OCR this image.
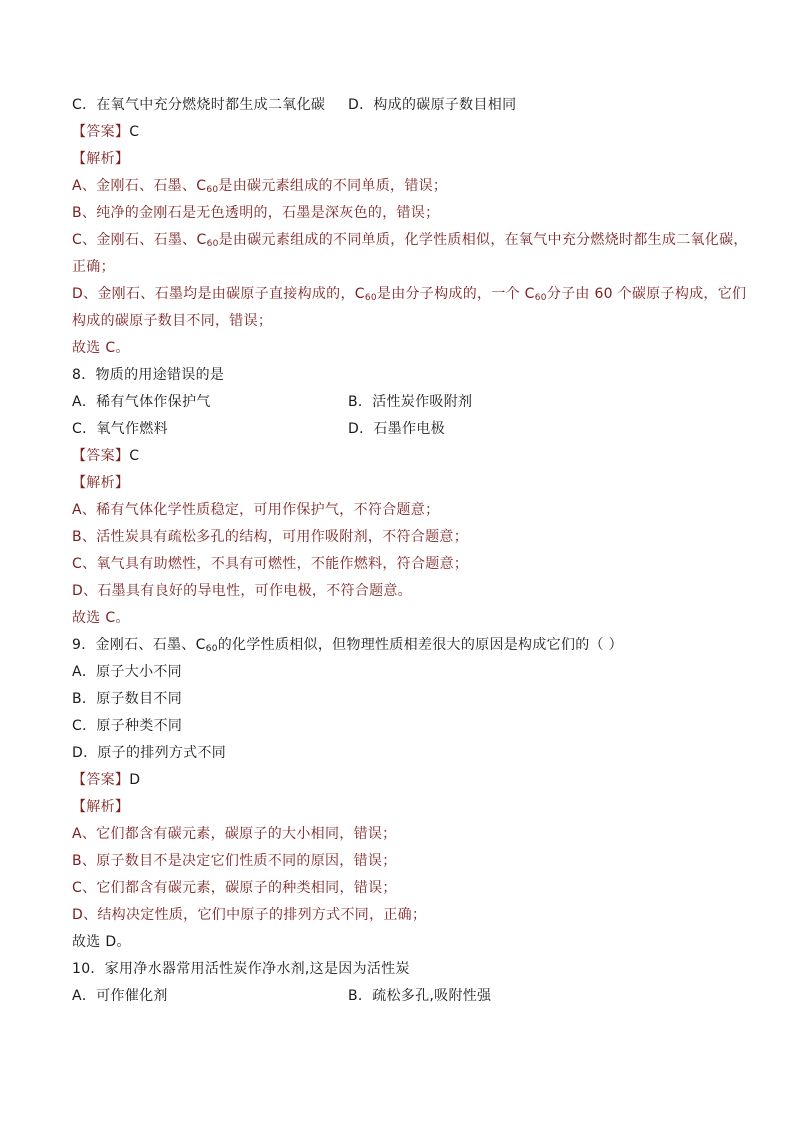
C．在氧气中充分燃烧时都生成二氧化碳	D．构成的碳原子数目相同
【答案】C
【解析】
A、金刚石、石墨、$C_{60}$是由碳元素组成的不同单质，错误；
B、纯净的金刚石是无色透明的，石墨是深灰色的，错误；
C、金刚石、石墨、$C_{60}$是由碳元素组成的不同单质，化学性质相似，在氧气中充分燃烧时都生成二氧化碳，
正确；
D、金刚石、石墨均是由碳原子直接构成的，$C_{60}$是由分子构成的，一个 $C_{60}$分子由 60 个碳原子构成，它们
构成的碳原子数目不同，错误；
故选 C。
8．物质的用途错误的是
A．稀有气体作保护气	B．活性炭作吸附剂
C．氧气作燃料	D．石墨作电极
【答案】C
【解析】
A、稀有气体化学性质稳定，可用作保护气，不符合题意；
B、活性炭具有疏松多孔的结构，可用作吸附剂，不符合题意；
C、氧气具有助燃性，不具有可燃性，不能作燃料，符合题意；
D、石墨具有良好的导电性，可作电极，不符合题意。
故选 C。
9．金刚石、石墨、$C_{60}$的化学性质相似，但物理性质相差很大的原因是构成它们的（ ）
A．原子大小不同
B．原子数目不同
C．原子种类不同
D．原子的排列方式不同
【答案】D
【解析】
A、它们都含有碳元素，碳原子的大小相同，错误；
B、原子数目不是决定它们性质不同的原因，错误；
C、它们都含有碳元素，碳原子的种类相同，错误；
D、结构决定性质，它们中原子的排列方式不同，正确；
故选 D。
10．家用净水器常用活性炭作净水剂,这是因为活性炭
A．可作催化剂	B．疏松多孔,吸附性强
